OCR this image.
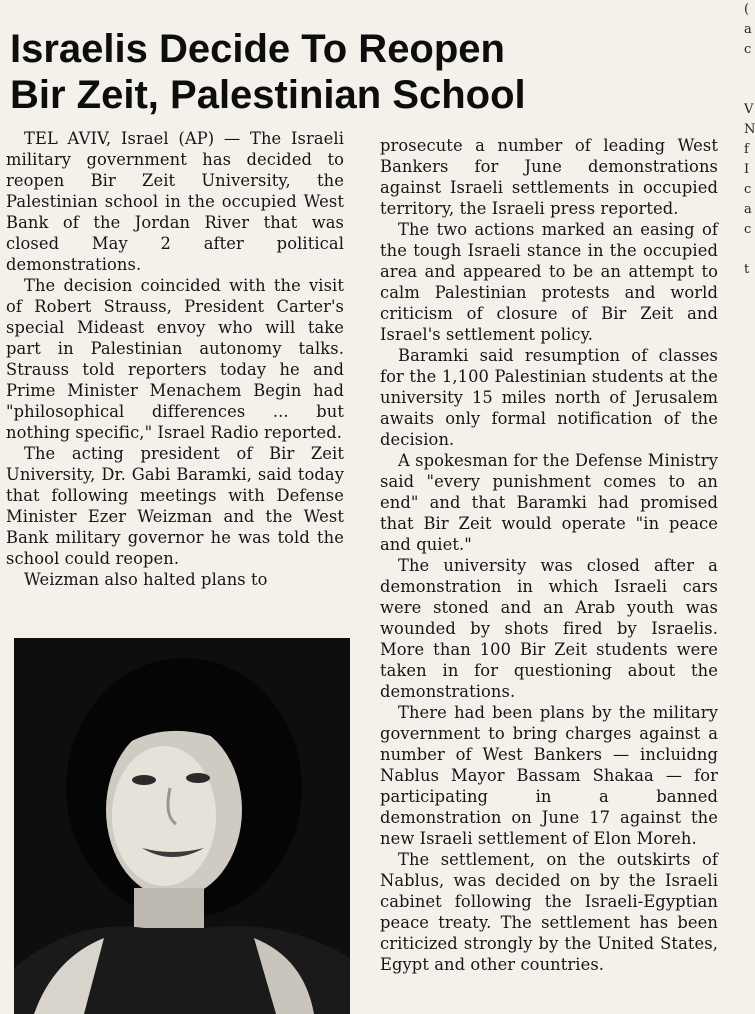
Israelis Decide To Reopen
Bir Zeit, Palestinian School

TEL AVIV, Israel (AP) — The Israeli military government has decided to reopen Bir Zeit University, the Palestinian school in the occupied West Bank of the Jordan River that was closed May 2 after political demonstrations.

The decision coincided with the visit of Robert Strauss, President Carter's special Mideast envoy who will take part in Palestinian autonomy talks. Strauss told reporters today he and Prime Minister Menachem Begin had "philosophical differences ... but nothing specific," Israel Radio reported.

The acting president of Bir Zeit University, Dr. Gabi Baramki, said today that following meetings with Defense Minister Ezer Weizman and the West Bank military governor he was told the school could reopen.

Weizman also halted plans to

prosecute a number of leading West Bankers for June demonstrations against Israeli settlements in occupied territory, the Israeli press reported.

The two actions marked an easing of the tough Israeli stance in the occupied area and appeared to be an attempt to calm Palestinian protests and world criticism of closure of Bir Zeit and Israel's settlement policy.

Baramki said resumption of classes for the 1,100 Palestinian students at the university 15 miles north of Jerusalem awaits only formal notification of the decision.

A spokesman for the Defense Ministry said "every punishment comes to an end" and that Baramki had promised that Bir Zeit would operate "in peace and quiet."

The university was closed after a demonstration in which Israeli cars were stoned and an Arab youth was wounded by shots fired by Israelis. More than 100 Bir Zeit students were taken in for questioning about the demonstrations.

There had been plans by the military government to bring charges against a number of West Bankers — incluidng Nablus Mayor Bassam Shakaa — for participating in a banned demonstration on June 17 against the new Israeli settlement of Elon Moreh.

The settlement, on the outskirts of Nablus, was decided on by the Israeli cabinet following the Israeli-Egyptian peace treaty. The settlement has been criticized strongly by the United States, Egypt and other countries.

(
a
c
V
N
f
I
c
a
c
t
